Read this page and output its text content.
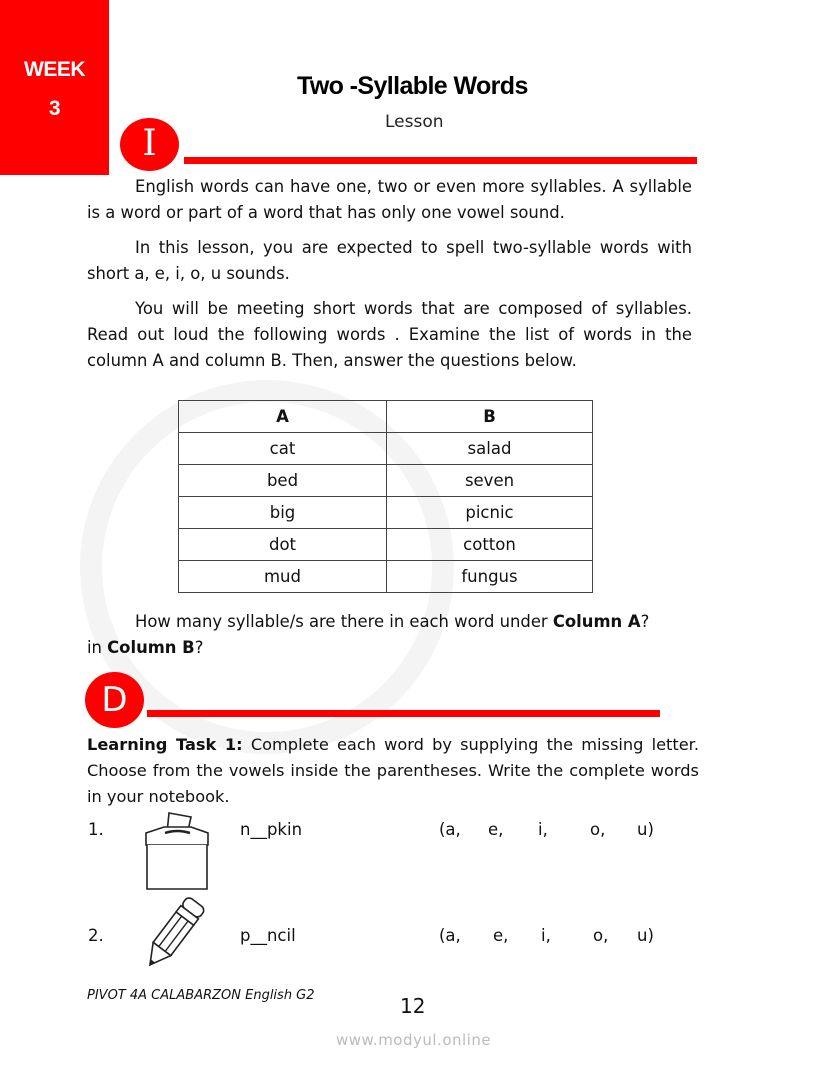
WEEK
3
Two -Syllable Words
Lesson
I
English words can have one, two or even more syllables. A syllable is a word or part of a word that has only one vowel sound.
In this lesson, you are expected to spell two-syllable words with short a, e, i, o, u sounds.
You will be meeting short words that are composed of syllables. Read out loud the following words . Examine the list of words in the column A and column B. Then, answer the questions below.
A	B
cat	salad
bed	seven
big	picnic
dot	cotton
mud	fungus
How many syllable/s are there in each word under Column A?
in Column B?
D
Learning Task 1: Complete each word by supplying the missing letter. Choose from the vowels inside the parentheses. Write the complete words in your notebook.
1.	n__pkin	(a, e, i,	o, u)
2.	p__ncil	(a, e, i,	o, u)
PIVOT 4A CALABARZON English G2	12
www.modyul.online
